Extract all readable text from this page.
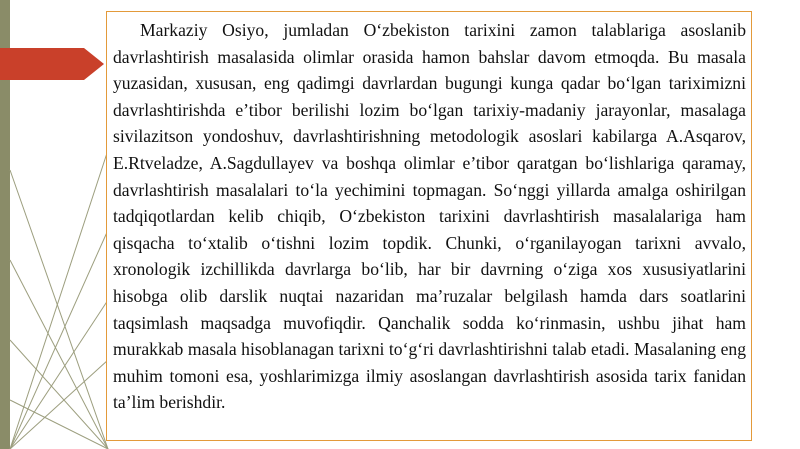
Markaziy Osiyo, jumladan O‘zbekiston tarixini zamon talablariga asoslanib davrlashtirish masalasida olimlar orasida hamon bahslar davom etmoqda. Bu masala yuzasidan, xususan, eng qadimgi davrlardan bugungi kunga qadar bo‘lgan tariximizni davrlashtirishda e’tibor berilishi lozim bo‘lgan tarixiy-madaniy jarayonlar, masalaga sivilazitson yondoshuv, davrlashtirishning metodologik asoslari kabilarga A.Asqarov, E.Rtveladze, A.Sagdullayev va boshqa olimlar e’tibor qaratgan bo‘lishlariga qaramay, davrlashtirish masalalari to‘la yechimini topmagan. So‘nggi yillarda amalga oshirilgan tadqiqotlardan kelib chiqib, O‘zbekiston tarixini davrlashtirish masalalariga ham qisqacha to‘xtalib o‘tishni lozim topdik. Chunki, o‘rganilayogan tarixni avvalo, xronologik izchillikda davrlarga bo‘lib, har bir davrning o‘ziga xos xususiyatlarini hisobga olib darslik nuqtai nazaridan ma’ruzalar belgilash hamda dars soatlarini taqsimlash maqsadga muvofiqdir. Qanchalik sodda ko‘rinmasin, ushbu jihat ham murakkab masala hisoblanagan tarixni to‘g‘ri davrlashtirishni talab etadi. Masalaning eng muhim tomoni esa, yoshlarimizga ilmiy asoslangan davrlashtirish asosida tarix fanidan ta’lim berishdir.
